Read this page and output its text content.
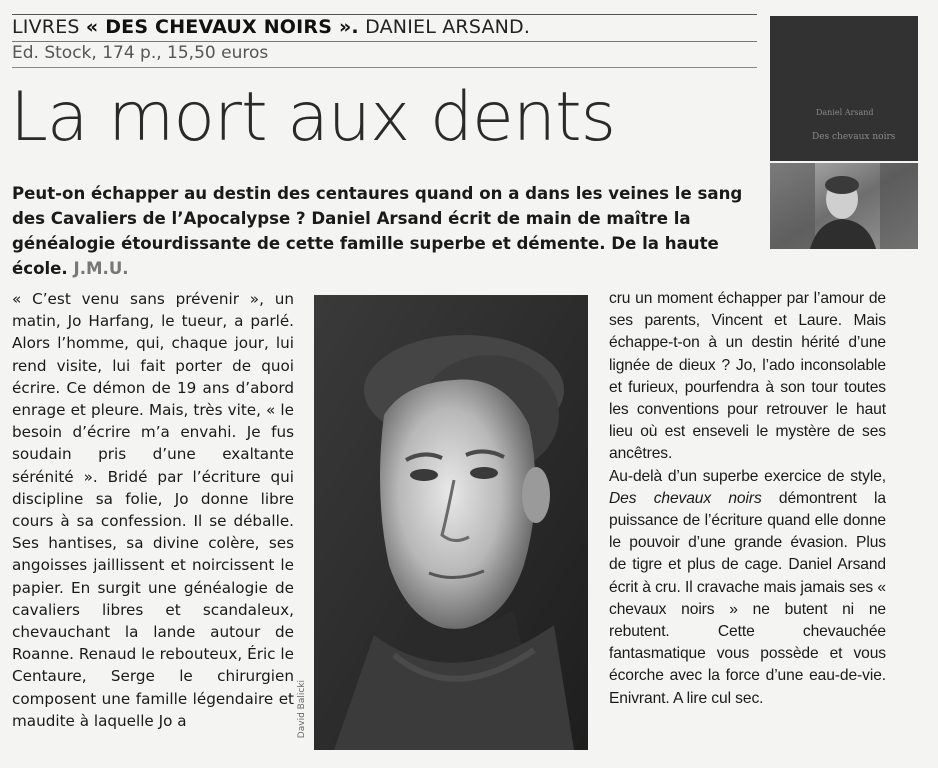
LIVRES « DES CHEVAUX NOIRS ». DANIEL ARSAND.
Ed. Stock, 174 p., 15,50 euros
La mort aux dents
Peut-on échapper au destin des centaures quand on a dans les veines le sang des Cavaliers de l’Apocalypse ? Daniel Arsand écrit de main de maître la généalogie étourdissante de cette famille superbe et démente. De la haute école. J.M.U.
Daniel Arsand
Des chevaux noirs

« C’est venu sans prévenir », un matin, Jo Harfang, le tueur, a parlé. Alors l’homme, qui, chaque jour, lui rend visite, lui fait porter de quoi écrire. Ce démon de 19 ans d’abord enrage et pleure. Mais, très vite, « le besoin d’écrire m’a envahi. Je fus soudain pris d’une exaltante sérénité ». Bridé par l’écriture qui discipline sa folie, Jo donne libre cours à sa confession. Il se déballe. Ses hantises, sa divine colère, ses angoisses jaillissent et noircissent le papier. En surgit une généalogie de cavaliers libres et scandaleux, chevauchant la lande autour de Roanne. Renaud le rebouteux, Éric le Centaure, Serge le chirurgien composent une famille légendaire et maudite à laquelle Jo a	David Balicki

cru un moment échapper par l’amour de ses parents, Vincent et Laure. Mais échappe-t-on à un destin hérité d’une lignée de dieux ? Jo, l’ado inconsolable et furieux, pourfendra à son tour toutes les conventions pour retrouver le haut lieu où est enseveli le mystère de ses ancêtres.

Au-delà d’un superbe exercice de style, Des chevaux noirs démontrent la puissance de l’écriture quand elle donne le pouvoir d’une grande évasion. Plus de tigre et plus de cage. Daniel Arsand écrit à cru. Il cravache mais jamais ses « chevaux noirs » ne butent ni ne rebutent. Cette chevauchée fantasmatique vous possède et vous écorche avec la force d’une eau-de-vie. Enivrant. A lire cul sec.
